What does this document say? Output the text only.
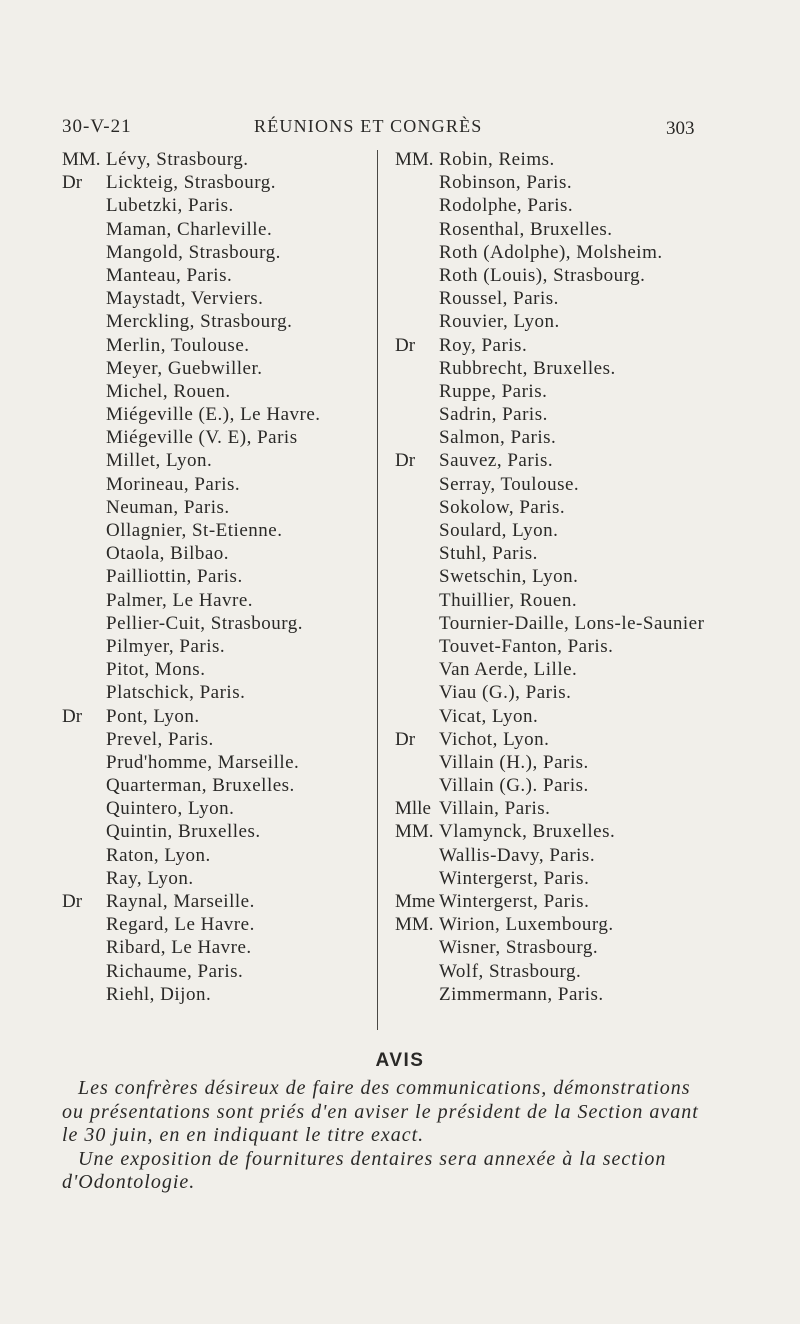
30-V-21	RÉUNIONS ET CONGRÈS	303
MM. Lévy, Strasbourg.
Dr Lickteig, Strasbourg.
Lubetzki, Paris.
Maman, Charleville.
Mangold, Strasbourg.
Manteau, Paris.
Maystadt, Verviers.
Merckling, Strasbourg.
Merlin, Toulouse.
Meyer, Guebwiller.
Michel, Rouen.
Miégeville (E.), Le Havre.
Miégeville (V. E), Paris
Millet, Lyon.
Morineau, Paris.
Neuman, Paris.
Ollagnier, St-Etienne.
Otaola, Bilbao.
Pailliottin, Paris.
Palmer, Le Havre.
Pellier-Cuit, Strasbourg.
Pilmyer, Paris.
Pitot, Mons.
Platschick, Paris.
Dr Pont, Lyon.
Prevel, Paris.
Prud'homme, Marseille.
Quarterman, Bruxelles.
Quintero, Lyon.
Quintin, Bruxelles.
Raton, Lyon.
Ray, Lyon.
Dr Raynal, Marseille.
Regard, Le Havre.
Ribard, Le Havre.
Richaume, Paris.
Riehl, Dijon.
MM. Robin, Reims.
Robinson, Paris.
Rodolphe, Paris.
Rosenthal, Bruxelles.
Roth (Adolphe), Molsheim.
Roth (Louis), Strasbourg.
Roussel, Paris.
Rouvier, Lyon.
Dr Roy, Paris.
Rubbrecht, Bruxelles.
Ruppe, Paris.
Sadrin, Paris.
Salmon, Paris.
Dr Sauvez, Paris.
Serray, Toulouse.
Sokolow, Paris.
Soulard, Lyon.
Stuhl, Paris.
Swetschin, Lyon.
Thuillier, Rouen.
Tournier-Daille, Lons-le-Saunier
Touvet-Fanton, Paris.
Van Aerde, Lille.
Viau (G.), Paris.
Vicat, Lyon.
Dr Vichot, Lyon.
Villain (H.), Paris.
Villain (G.). Paris.
Mlle Villain, Paris.
MM. Vlamynck, Bruxelles.
Wallis-Davy, Paris.
Wintergerst, Paris.
Mme Wintergerst, Paris.
MM. Wirion, Luxembourg.
Wisner, Strasbourg.
Wolf, Strasbourg.
Zimmermann, Paris.
AVIS

Les confrères désireux de faire des communications, démonstrations ou présentations sont priés d'en aviser le président de la Section avant le 30 juin, en en indiquant le titre exact.

Une exposition de fournitures dentaires sera annexée à la section d'Odontologie.
